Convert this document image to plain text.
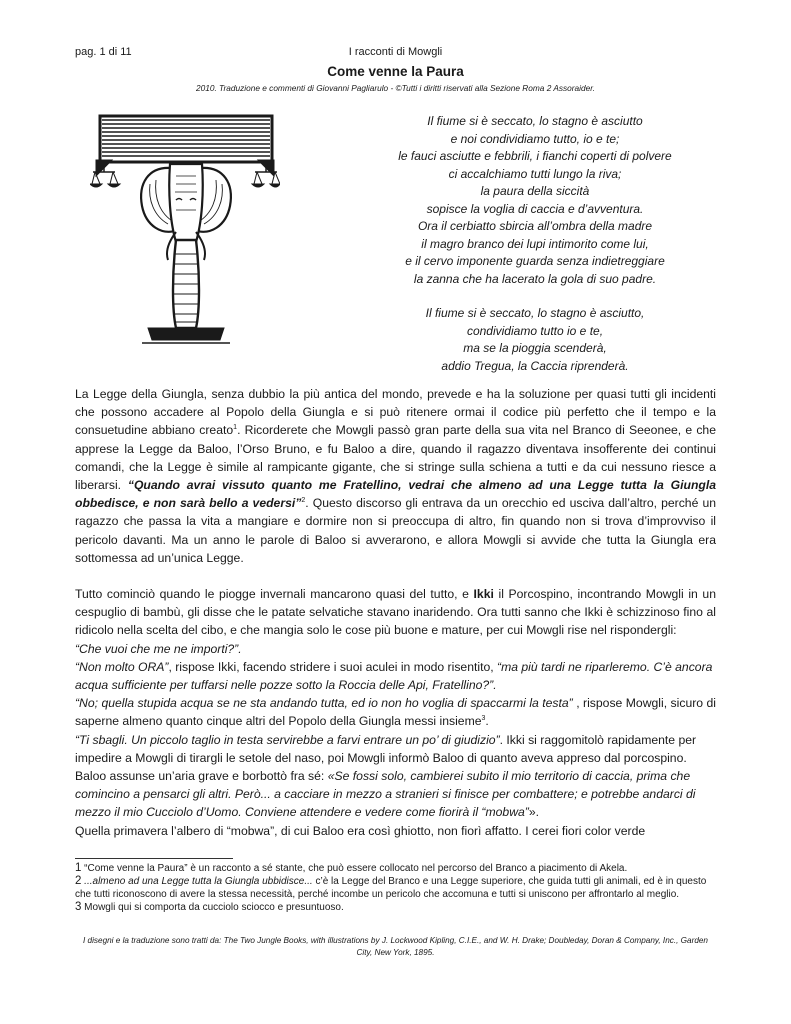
pag. 1 di 11	I racconti di Mowgli
Come venne la Paura
2010. Traduzione e commenti di Giovanni Pagliarulo - ©Tutti i diritti riservati alla Sezione Roma 2 Assoraider.
Il fiume si è seccato, lo stagno è asciutto
e noi condividiamo tutto, io e te;
le fauci asciutte e febbrili, i fianchi coperti di polvere
ci accalchiamo tutti lungo la riva;
la paura della siccità
sopisce la voglia di caccia e d’avventura.
Ora il cerbiatto sbircia all’ombra della madre
il magro branco dei lupi intimorito come lui,
e il cervo imponente guarda senza indietreggiare
la zanna che ha lacerato la gola di suo padre.
Il fiume si è seccato, lo stagno è asciutto,
condividiamo tutto io e te,
ma se la pioggia scenderà,
addio Tregua, la Caccia riprenderà.

La Legge della Giungla, senza dubbio la più antica del mondo, prevede e ha la soluzione per quasi tutti gli incidenti che possono accadere al Popolo della Giungla e si può ritenere ormai il codice più perfetto che il tempo e la consuetudine abbiano creato$^1$. Ricorderete che Mowgli passò gran parte della sua vita nel Branco di Seeonee, e che apprese la Legge da Baloo, l’Orso Bruno, e fu Baloo a dire, quando il ragazzo diventava insofferente dei continui comandi, che la Legge è simile al rampicante gigante, che si stringe sulla schiena a tutti e da cui nessuno riesce a liberarsi. “Quando avrai vissuto quanto me Fratellino, vedrai che almeno ad una Legge tutta la Giungla obbedisce, e non sarà bello a vedersi”$^2$. Questo discorso gli entrava da un orecchio ed usciva dall’altro, perché un ragazzo che passa la vita a mangiare e dormire non si preoccupa di altro, fin quando non si trova d’improvviso il pericolo davanti. Ma un anno le parole di Baloo si avverarono, e allora Mowgli si avvide che tutta la Giungla era sottomessa ad un’unica Legge.

Tutto cominciò quando le piogge invernali mancarono quasi del tutto, e Ikki il Porcospino, incontrando Mowgli in un cespuglio di bambù, gli disse che le patate selvatiche stavano inaridendo. Ora tutti sanno che Ikki è schizzinoso fino al ridicolo nella scelta del cibo, e che mangia solo le cose più buone e mature, per cui Mowgli rise nel rispondergli:

“Che vuoi che me ne importi?”.

“Non molto ORA”, rispose Ikki, facendo stridere i suoi aculei in modo risentito, “ma più tardi ne riparleremo. C’è ancora acqua sufficiente per tuffarsi nelle pozze sotto la Roccia delle Api, Fratellino?”.

“No; quella stupida acqua se ne sta andando tutta, ed io non ho voglia di spaccarmi la testa” , rispose Mowgli, sicuro di saperne almeno quanto cinque altri del Popolo della Giungla messi insieme$^3$.

“Ti sbagli. Un piccolo taglio in testa servirebbe a farvi entrare un po’ di giudizio”. Ikki si raggomitolò rapidamente per impedire a Mowgli di tirargli le setole del naso, poi Mowgli informò Baloo di quanto aveva appreso dal porcospino. Baloo assunse un’aria grave e borbottò fra sé: «Se fossi solo, cambierei subito il mio territorio di caccia, prima che comincino a pensarci gli altri. Però... a cacciare in mezzo a stranieri si finisce per combattere; e potrebbe andarci di mezzo il mio Cucciolo d’Uomo. Conviene attendere e vedere come fiorirà il “mobwa”».

Quella primavera l’albero di “mobwa”, di cui Baloo era così ghiotto, non fiorì affatto. I cerei fiori color verde

1 “Come venne la Paura” è un racconto a sé stante, che può essere collocato nel percorso del Branco a piacimento di Akela.

2 ...almeno ad una Legge tutta la Giungla ubbidisce... c’è la Legge del Branco e una Legge superiore, che guida tutti gli animali, ed è in questo che tutti riconoscono di avere la stessa necessità, perché incombe un pericolo che accomuna e tutti si uniscono per affrontarlo al meglio.

3 Mowgli qui si comporta da cucciolo sciocco e presuntuoso.

I disegni e la traduzione sono tratti da: The Two Jungle Books, with illustrations by J. Lockwood Kipling, C.I.E., and W. H. Drake; Doubleday, Doran & Company, Inc., Garden City, New York, 1895.
